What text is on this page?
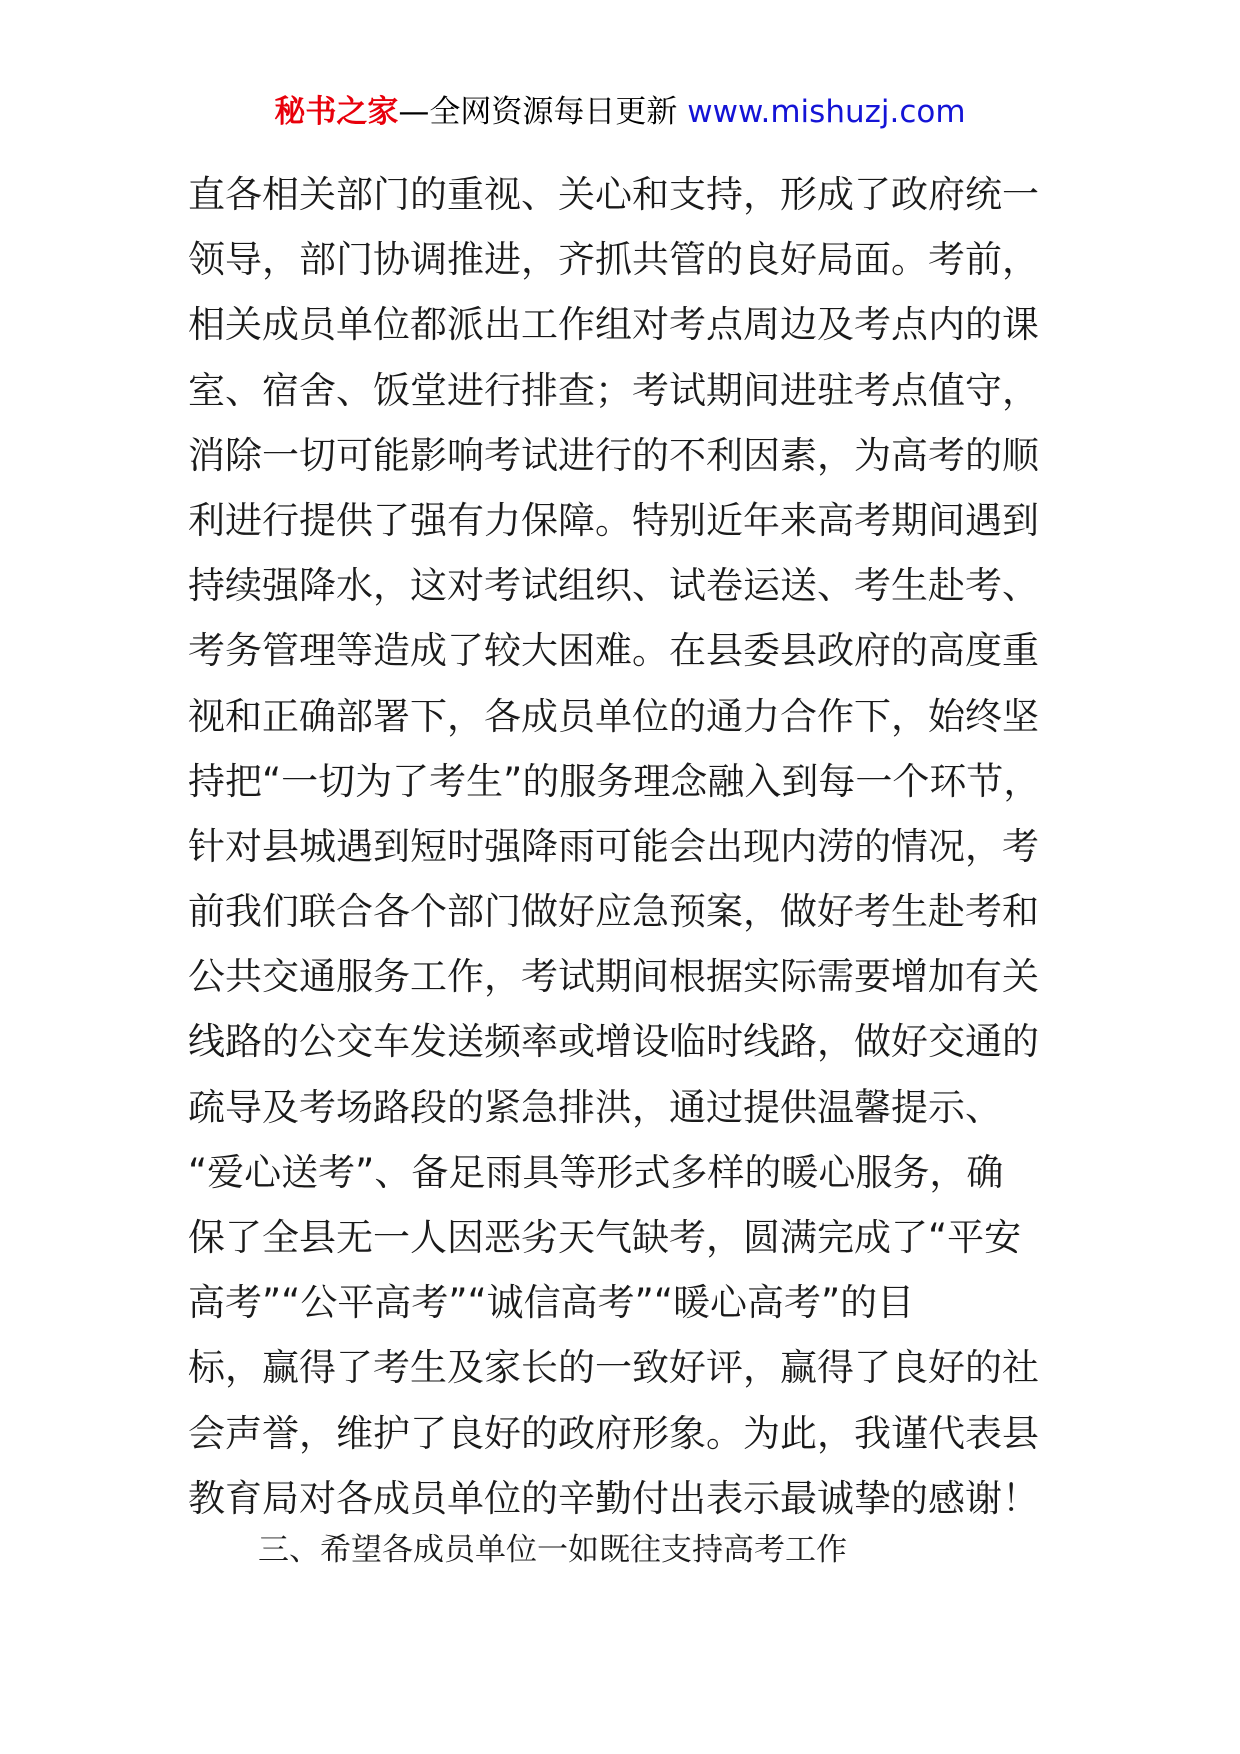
秘书之家—全网资源每日更新 www.mishuzj.com
直各相关部门的重视、关心和支持，形成了政府统一
领导，部门协调推进，齐抓共管的良好局面。考前，
相关成员单位都派出工作组对考点周边及考点内的课
室、宿舍、饭堂进行排查；考试期间进驻考点值守，
消除一切可能影响考试进行的不利因素，为高考的顺
利进行提供了强有力保障。特别近年来高考期间遇到
持续强降水，这对考试组织、试卷运送、考生赴考、
考务管理等造成了较大困难。在县委县政府的高度重
视和正确部署下，各成员单位的通力合作下，始终坚
持把“一切为了考生”的服务理念融入到每一个环节，
针对县城遇到短时强降雨可能会出现内涝的情况，考
前我们联合各个部门做好应急预案，做好考生赴考和
公共交通服务工作，考试期间根据实际需要增加有关
线路的公交车发送频率或增设临时线路，做好交通的
疏导及考场路段的紧急排洪，通过提供温馨提示、
“爱心送考”、备足雨具等形式多样的暖心服务，确
保了全县无一人因恶劣天气缺考，圆满完成了“平安
高考”“公平高考”“诚信高考”“暖心高考”的目
标，赢得了考生及家长的一致好评，赢得了良好的社
会声誉，维护了良好的政府形象。为此，我谨代表县
教育局对各成员单位的辛勤付出表示最诚挚的感谢！
三、希望各成员单位一如既往支持高考工作
